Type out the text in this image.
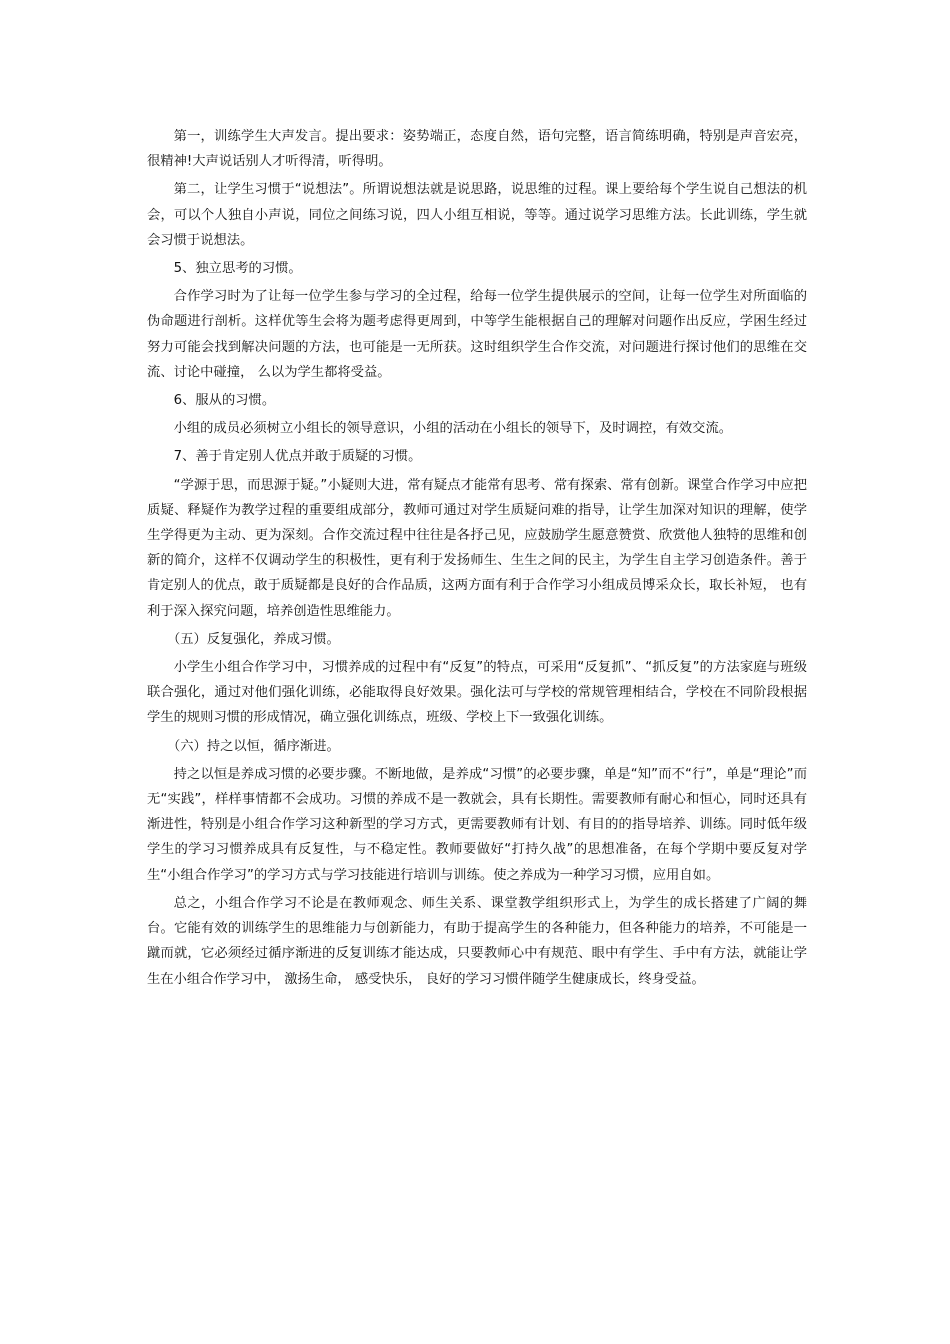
第一，训练学生大声发言。提出要求：姿势端正，态度自然，语句完整，语言简练明确，特别是声音宏亮，很精神!大声说话别人才听得清，听得明。

第二，让学生习惯于“说想法”。所谓说想法就是说思路，说思维的过程。课上要给每个学生说自己想法的机会，可以个人独自小声说，同位之间练习说，四人小组互相说，等等。通过说学习思维方法。长此训练，学生就会习惯于说想法。

5、独立思考的习惯。

合作学习时为了让每一位学生参与学习的全过程，给每一位学生提供展示的空间，让每一位学生对所面临的伪命题进行剖析。这样优等生会将为题考虑得更周到，中等学生能根据自己的理解对问题作出反应，学困生经过努力可能会找到解决问题的方法，也可能是一无所获。这时组织学生合作交流，对问题进行探讨他们的思维在交流、讨论中碰撞， 么以为学生都将受益。

6、服从的习惯。

小组的成员必须树立小组长的领导意识，小组的活动在小组长的领导下，及时调控，有效交流。

7、善于肯定别人优点并敢于质疑的习惯。

“学源于思，而思源于疑。”小疑则大进，常有疑点才能常有思考、常有探索、常有创新。课堂合作学习中应把质疑、释疑作为教学过程的重要组成部分，教师可通过对学生质疑问难的指导，让学生加深对知识的理解，使学生学得更为主动、更为深刻。合作交流过程中往往是各抒己见，应鼓励学生愿意赞赏、欣赏他人独特的思维和创新的简介，这样不仅调动学生的积极性，更有利于发扬师生、生生之间的民主，为学生自主学习创造条件。善于肯定别人的优点，敢于质疑都是良好的合作品质，这两方面有利于合作学习小组成员博采众长，取长补短， 也有利于深入探究问题，培养创造性思维能力。

（五）反复强化，养成习惯。

小学生小组合作学习中，习惯养成的过程中有“反复”的特点，可采用“反复抓”、“抓反复”的方法家庭与班级联合强化，通过对他们强化训练，必能取得良好效果。强化法可与学校的常规管理相结合，学校在不同阶段根据学生的规则习惯的形成情况，确立强化训练点，班级、学校上下一致强化训练。

（六）持之以恒，循序渐进。

持之以恒是养成习惯的必要步骤。不断地做，是养成“习惯”的必要步骤，单是“知”而不“行”，单是“理论”而无“实践”，样样事情都不会成功。习惯的养成不是一教就会，具有长期性。需要教师有耐心和恒心，同时还具有渐进性，特别是小组合作学习这种新型的学习方式，更需要教师有计划、有目的的指导培养、训练。同时低年级学生的学习习惯养成具有反复性，与不稳定性。教师要做好“打持久战”的思想准备，在每个学期中要反复对学生“小组合作学习”的学习方式与学习技能进行培训与训练。使之养成为一种学习习惯，应用自如。

总之，小组合作学习不论是在教师观念、师生关系、课堂教学组织形式上，为学生的成长搭建了广阔的舞台。它能有效的训练学生的思维能力与创新能力，有助于提高学生的各种能力，但各种能力的培养，不可能是一蹴而就，它必须经过循序渐进的反复训练才能达成，只要教师心中有规范、眼中有学生、手中有方法，就能让学生在小组合作学习中， 激扬生命， 感受快乐， 良好的学习习惯伴随学生健康成长，终身受益。
